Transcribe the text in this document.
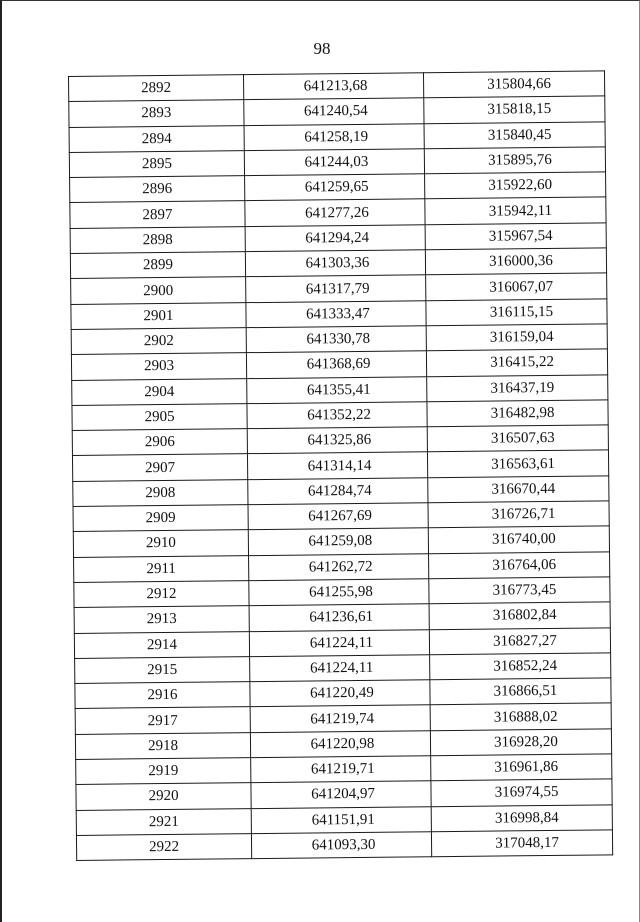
98
2892	641213,68	315804,66
2893	641240,54	315818,15
2894	641258,19	315840,45
2895	641244,03	315895,76
2896	641259,65	315922,60
2897	641277,26	315942,11
2898	641294,24	315967,54
2899	641303,36	316000,36
2900	641317,79	316067,07
2901	641333,47	316115,15
2902	641330,78	316159,04
2903	641368,69	316415,22
2904	641355,41	316437,19
2905	641352,22	316482,98
2906	641325,86	316507,63
2907	641314,14	316563,61
2908	641284,74	316670,44
2909	641267,69	316726,71
2910	641259,08	316740,00
2911	641262,72	316764,06
2912	641255,98	316773,45
2913	641236,61	316802,84
2914	641224,11	316827,27
2915	641224,11	316852,24
2916	641220,49	316866,51
2917	641219,74	316888,02
2918	641220,98	316928,20
2919	641219,71	316961,86
2920	641204,97	316974,55
2921	641151,91	316998,84
2922	641093,30	317048,17
